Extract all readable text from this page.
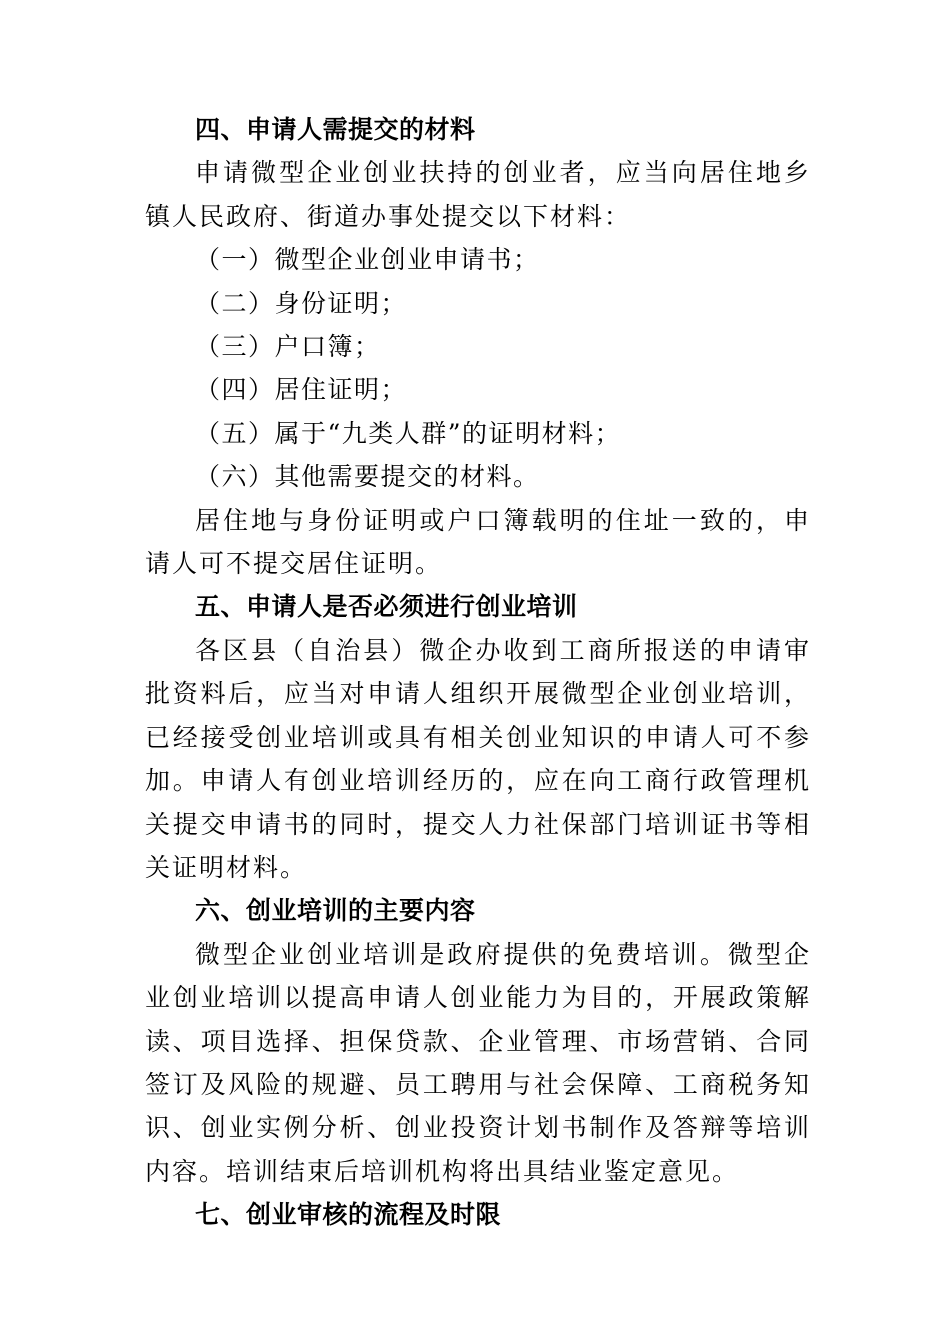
四、申请人需提交的材料

申请微型企业创业扶持的创业者，应当向居住地乡镇人民政府、街道办事处提交以下材料：

（一）微型企业创业申请书；

（二）身份证明；

（三）户口簿；

（四）居住证明；

（五）属于“九类人群”的证明材料；

（六）其他需要提交的材料。

居住地与身份证明或户口簿载明的住址一致的，申请人可不提交居住证明。

五、申请人是否必须进行创业培训

各区县（自治县）微企办收到工商所报送的申请审批资料后，应当对申请人组织开展微型企业创业培训，已经接受创业培训或具有相关创业知识的申请人可不参加。申请人有创业培训经历的，应在向工商行政管理机关提交申请书的同时，提交人力社保部门培训证书等相关证明材料。

六、创业培训的主要内容

微型企业创业培训是政府提供的免费培训。微型企业创业培训以提高申请人创业能力为目的，开展政策解读、项目选择、担保贷款、企业管理、市场营销、合同签订及风险的规避、员工聘用与社会保障、工商税务知识、创业实例分析、创业投资计划书制作及答辩等培训内容。培训结束后培训机构将出具结业鉴定意见。

七、创业审核的流程及时限
